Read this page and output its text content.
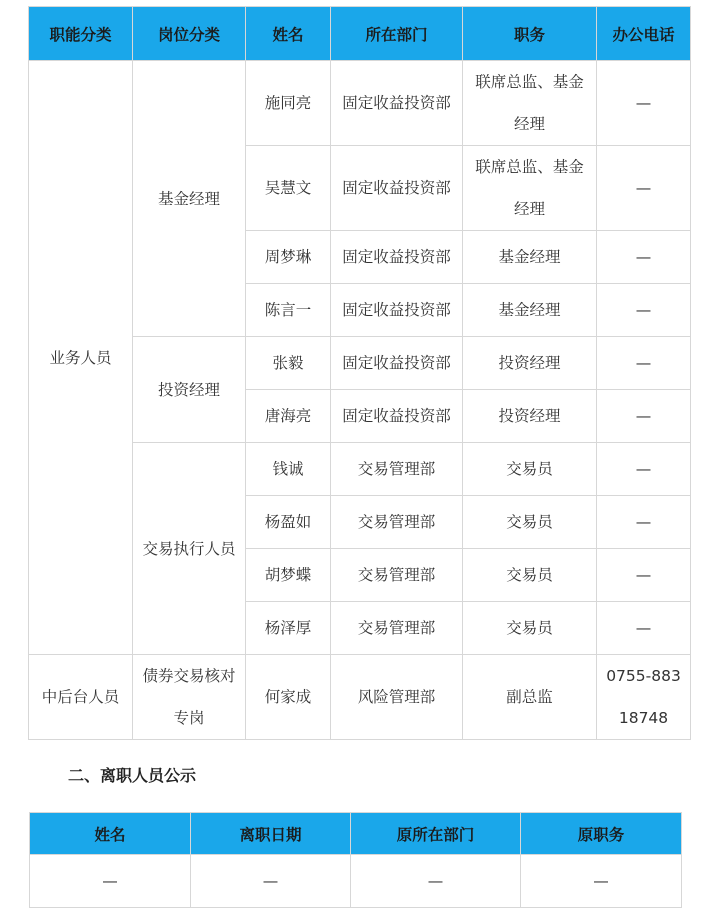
职能分类	岗位分类	姓名	所在部门	职务	办公电话
业务人员	基金经理	施同亮	固定收益投资部	联席总监、基金经理	—
		吴慧文	固定收益投资部	联席总监、基金经理	—
		周梦琳	固定收益投资部	基金经理	—
		陈言一	固定收益投资部	基金经理	—
	投资经理	张毅	固定收益投资部	投资经理	—
		唐海亮	固定收益投资部	投资经理	—
	交易执行人员	钱诚	交易管理部	交易员	—
		杨盈如	交易管理部	交易员	—
		胡梦蝶	交易管理部	交易员	—
		杨泽厚	交易管理部	交易员	—
中后台人员	债券交易核对专岗	何家成	风险管理部	副总监	0755-88318748
二、离职人员公示
姓名	离职日期	原所在部门	原职务
—	—	—	—
